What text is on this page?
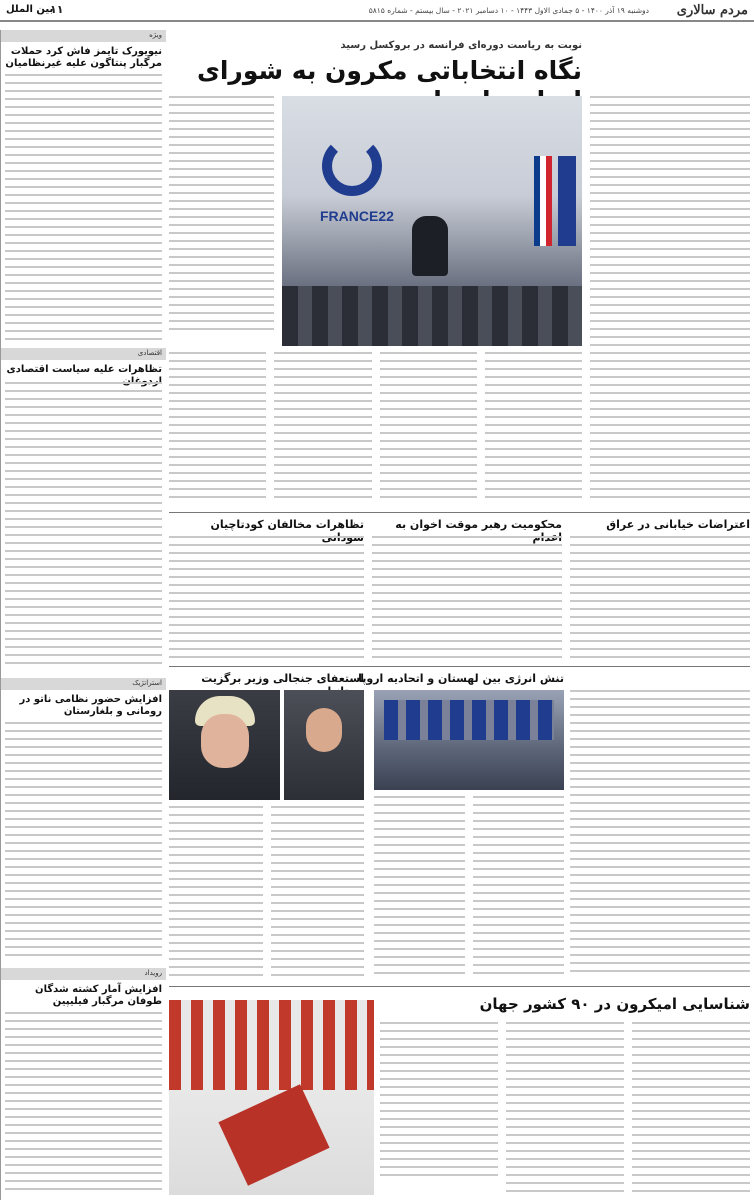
مردم سالاری
دوشنبه ۱۹ آذر ۱۴۰۰ - ۵ جمادی الاول ۱۴۴۳ - ۱۰ دسامبر ۲۰۲۱ - سال بیستم - شماره ۵۸۱۵
۱۱
بین الملل
نوبت به ریاست دوره‌ای فرانسه در بروکسل رسید
نگاه انتخاباتی مکرون به شورای
FRANCE22
اعتراضات خیابانی در عراق
محکومیت رهبر موقت اخوان به
تظاهرات مخالفان کودتاچیان
تنش انرژی بین لهستان و اتحادیه اروپا
استعفای جنجالی وزیر برگزیت
شناسایی امیکرون در ۹۰ کشور جهان
ویژه
نیویورک تایمز فاش کرد حملات مرگبار پنتاگون علیه غیرنظامیان
اقتصادی
تظاهرات علیه سیاست اقتصادی
استراتژیک
افزایش حضور نظامی ناتو در رومانی و بلغارستان
رویداد
افزایش آمار کشته شدگان طوفان مرگبار فیلیپین
